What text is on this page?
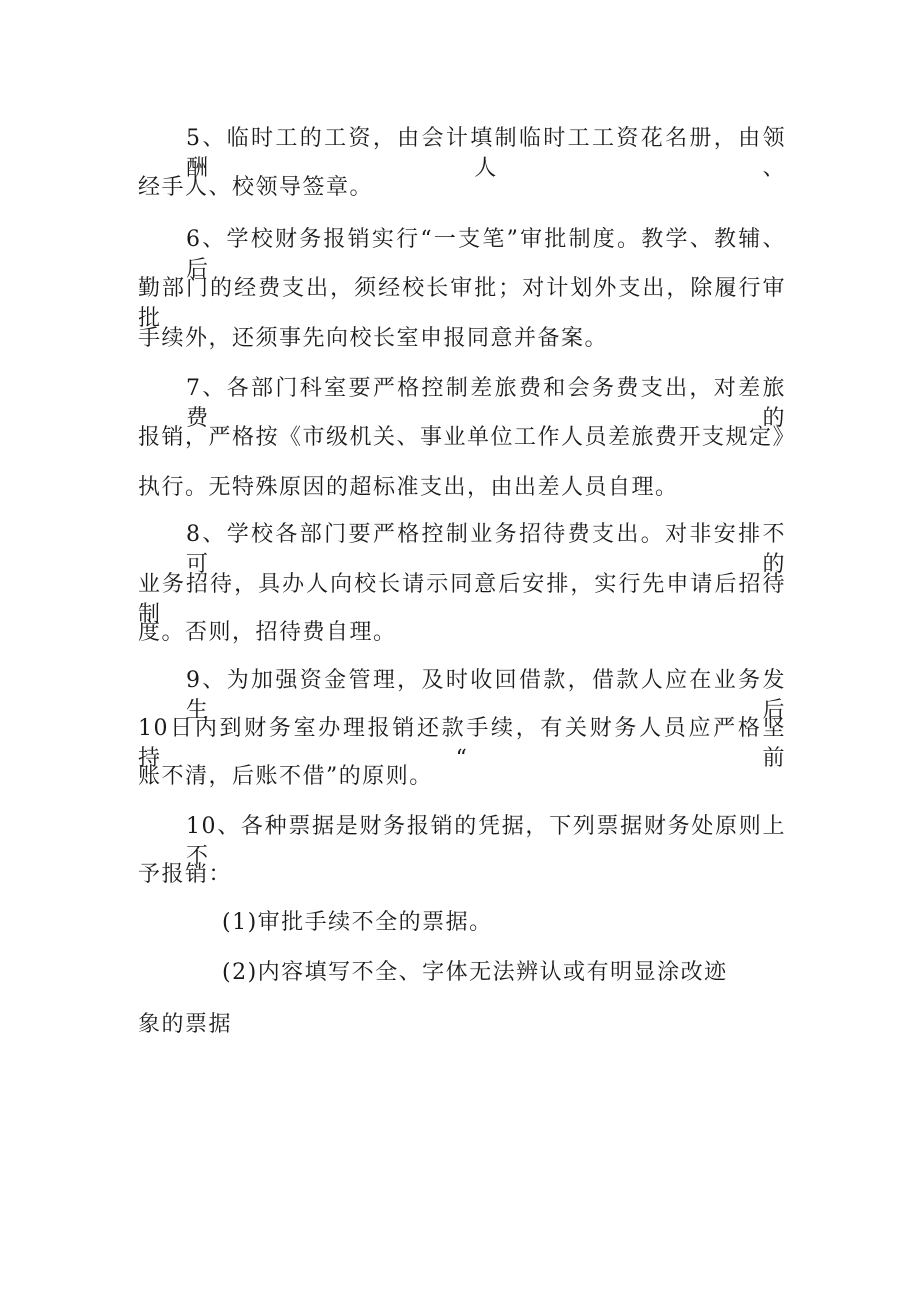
5、临时工的工资，由会计填制临时工工资花名册，由领酬人、
经手人、校领导签章。
6、学校财务报销实行“一支笔”审批制度。教学、教辅、后
勤部门的经费支出，须经校长审批；对计划外支出，除履行审批
手续外，还须事先向校长室申报同意并备案。
7、各部门科室要严格控制差旅费和会务费支出，对差旅费的
报销，严格按《市级机关、事业单位工作人员差旅费开支规定》
执行。无特殊原因的超标准支出，由出差人员自理。
8、学校各部门要严格控制业务招待费支出。对非安排不可的
业务招待，具办人向校长请示同意后安排，实行先申请后招待制
度。否则，招待费自理。
9、为加强资金管理，及时收回借款，借款人应在业务发生后
10日内到财务室办理报销还款手续，有关财务人员应严格坚持“前
账不清，后账不借”的原则。
10、各种票据是财务报销的凭据，下列票据财务处原则上不
予报销：
(1)审批手续不全的票据。
(2)内容填写不全、字体无法辨认或有明显涂改迹
象的票据
